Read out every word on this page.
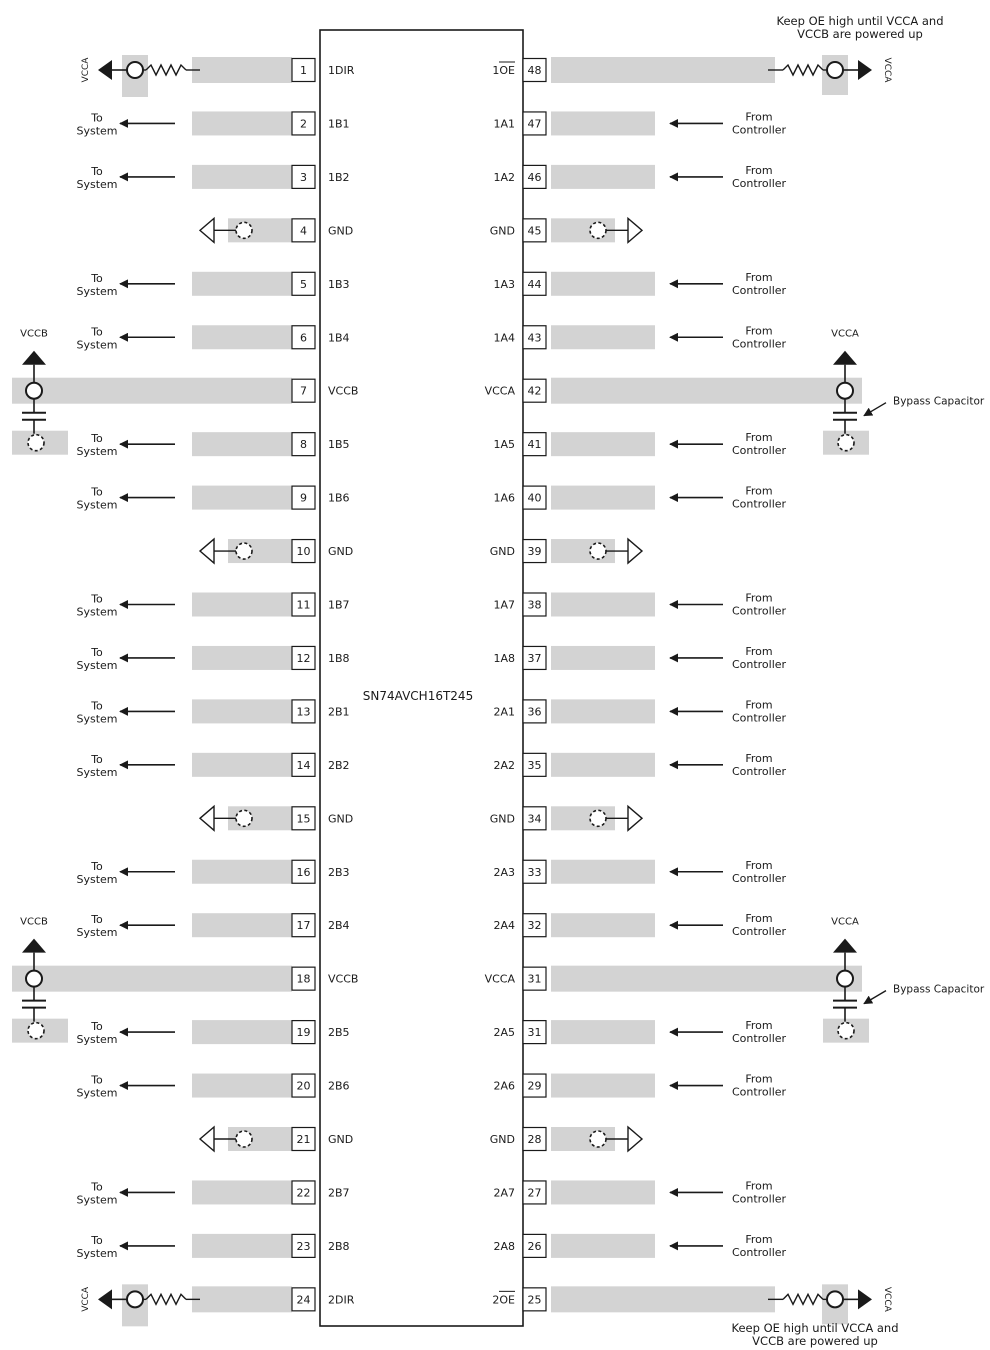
SN74AVCH16T245
Keep OE high until VCCA and
VCCB are powered up
Keep OE high until VCCA and
VCCB are powered up
VCCA	1 1DIR
To
System
2 1B1
To
System
3 1B2
4 GND
To
System
5 1B3
To
System
6 1B4
VCCB
7 VCCB
To
System
8 1B5
To
System
9 1B6
10 GND
To
System
11 1B7
To
System
12 1B8
To
System
13 2B1
To
System
14 2B2
15 GND
To
System
16 2B3
To
System
17 2B4
VCCB
18 VCCB
To
System
19 2B5
To
System
20 2B6
21 GND
To
System
22 2B7
To
System
23 2B8
VCCA	24 2DIR
VCCA
48
1OE
From
Controller
47
1A1
From
Controller
46
1A2
45
GND
From
Controller
44
1A3
From
Controller
43
1A4	VCCA
Bypass Capacitor
42
VCCA
From
Controller
41
1A5
From
Controller
40
1A6
39
GND
From
Controller
38
1A7
From
Controller
37
1A8
From
Controller
36
2A1
From
Controller
35
2A2
34
GND
From
Controller
33
2A3
From
Controller
32
2A4	VCCA
Bypass Capacitor
31
VCCA
From
Controller
31
2A5
From
Controller
29
2A6
28
GND
From
Controller
27
2A7
From
Controller
26
2A8
VCCA
25
2OE
